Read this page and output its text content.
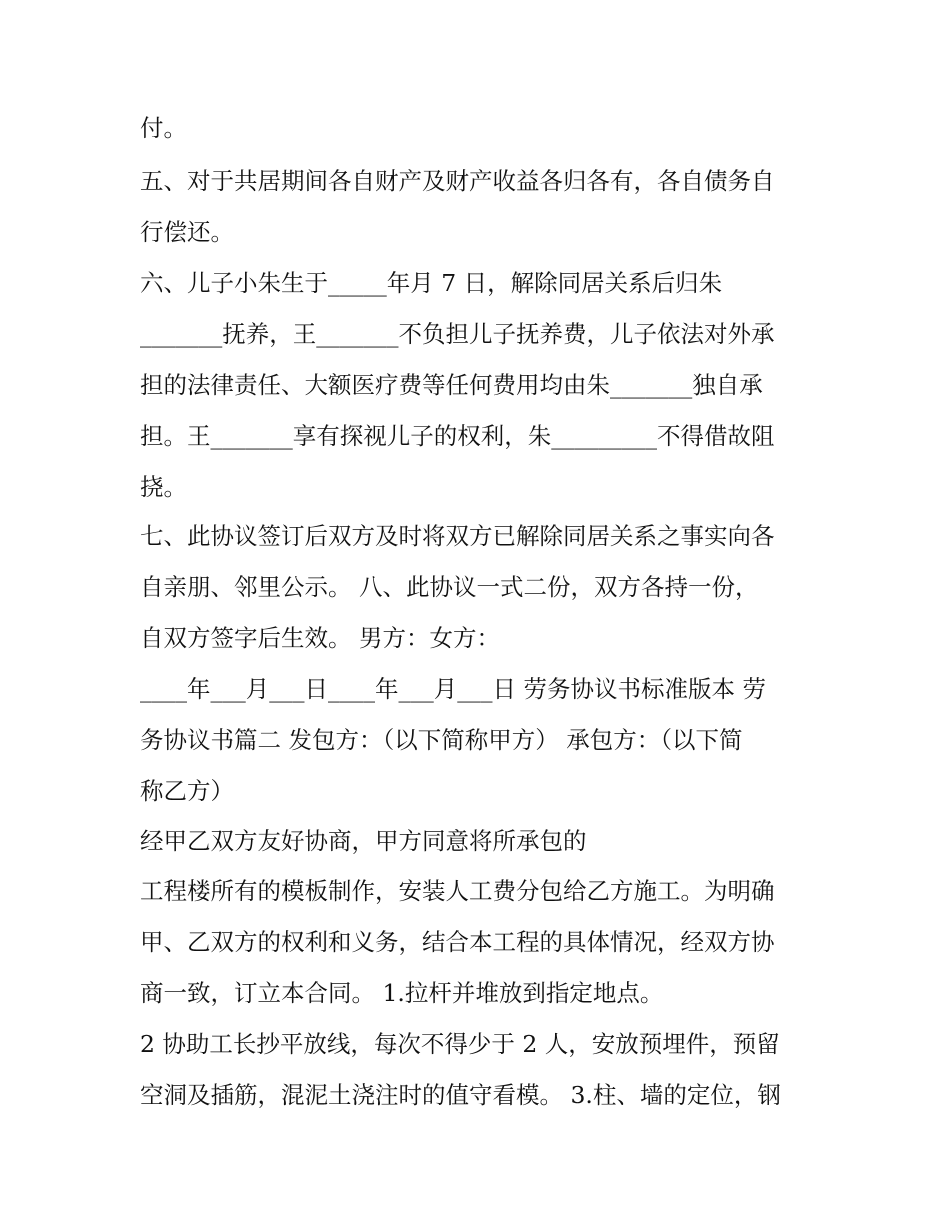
付。
五、对于共居期间各自财产及财产收益各归各有，各自债务自
行偿还。
六、儿子小朱生于_____年月 7 日，解除同居关系后归朱
_______抚养，王_______不负担儿子抚养费，儿子依法对外承
担的法律责任、大额医疗费等任何费用均由朱_______独自承
担。王_______享有探视儿子的权利，朱_________不得借故阻
挠。
七、此协议签订后双方及时将双方已解除同居关系之事实向各
自亲朋、邻里公示。 八、此协议一式二份，双方各持一份，
自双方签字后生效。 男方：女方：
____年___月___日____年___月___日 劳务协议书标准版本 劳
务协议书篇二 发包方：（以下简称甲方） 承包方：（以下简
称乙方）
经甲乙双方友好协商，甲方同意将所承包的
工程楼所有的模板制作，安装人工费分包给乙方施工。为明确
甲、乙双方的权利和义务，结合本工程的具体情况，经双方协
商一致，订立本合同。 1.拉杆并堆放到指定地点。
2 协助工长抄平放线，每次不得少于 2 人，安放预埋件，预留
空洞及插筋，混泥土浇注时的值守看模。 3.柱、墙的定位，钢
